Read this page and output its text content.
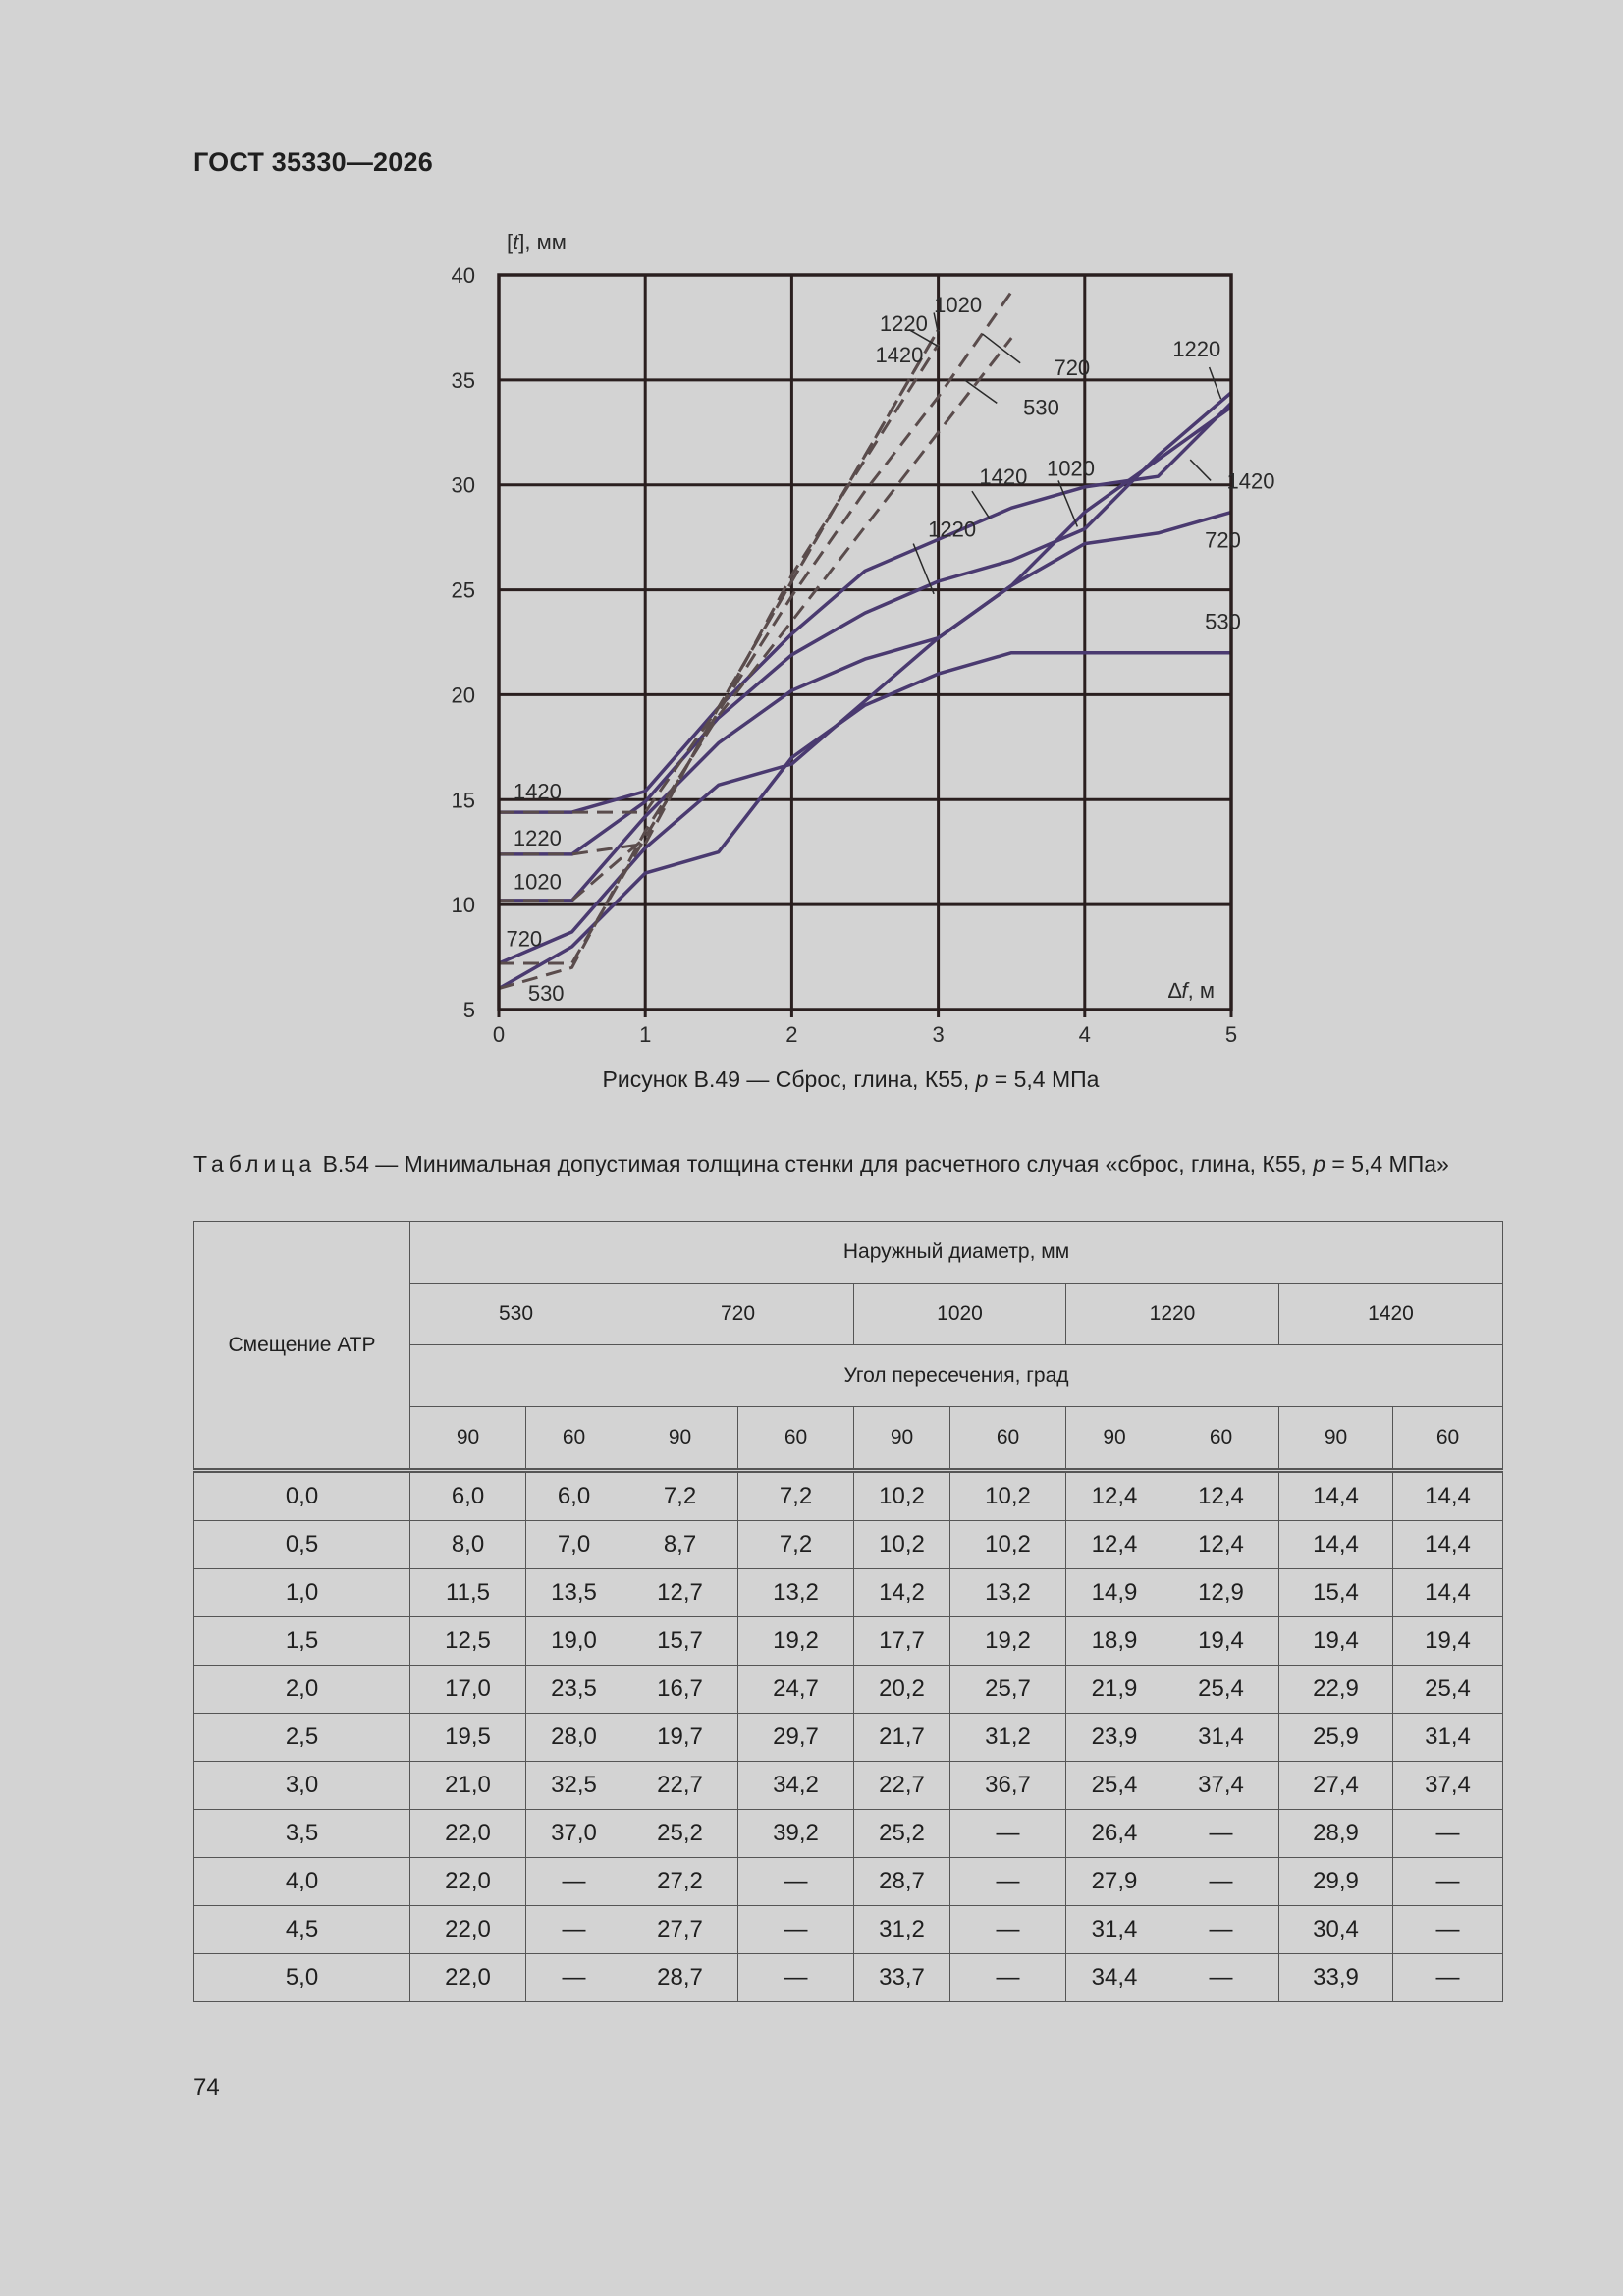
ГОСТ 35330—2026
0	1	2	3	4	5
5
10
15
20
25
30
35
40
[t], мм
∆f, м
1420
1220
1020
720
530
1220
1420
720
530
1020
1420
1220
1020
1220
1420
720
530
Рисунок В.49 — Сброс, глина, К55, p = 5,4 МПа
Таблица В.54 — Минимальная допустимая толщина стенки для расчетного случая «сброс, глина, К55, p = 5,4 МПа»
Смещение АТР	Наружный диаметр, мм									
	530		720		1020		1220		1420	
	Угол пересечения, град									
	90	60	90	60	90	60	90	60	90	60
0,0	6,0	6,0	7,2	7,2	10,2	10,2	12,4	12,4	14,4	14,4
0,5	8,0	7,0	8,7	7,2	10,2	10,2	12,4	12,4	14,4	14,4
1,0	11,5	13,5	12,7	13,2	14,2	13,2	14,9	12,9	15,4	14,4
1,5	12,5	19,0	15,7	19,2	17,7	19,2	18,9	19,4	19,4	19,4
2,0	17,0	23,5	16,7	24,7	20,2	25,7	21,9	25,4	22,9	25,4
2,5	19,5	28,0	19,7	29,7	21,7	31,2	23,9	31,4	25,9	31,4
3,0	21,0	32,5	22,7	34,2	22,7	36,7	25,4	37,4	27,4	37,4
3,5	22,0	37,0	25,2	39,2	25,2	—	26,4	—	28,9	—
4,0	22,0	—	27,2	—	28,7	—	27,9	—	29,9	—
4,5	22,0	—	27,7	—	31,2	—	31,4	—	30,4	—
5,0	22,0	—	28,7	—	33,7	—	34,4	—	33,9	—
74
